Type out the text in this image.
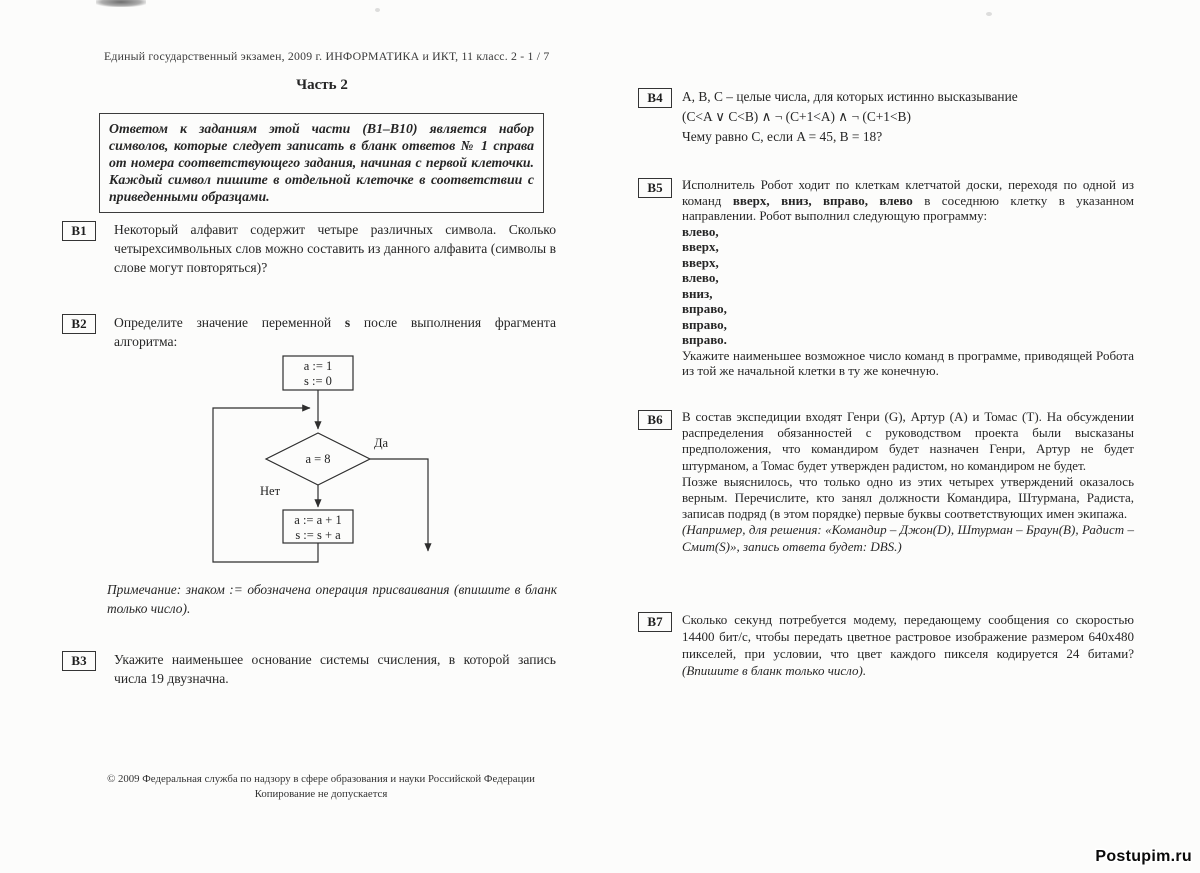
Единый государственный экзамен, 2009 г. ИНФОРМАТИКА и ИКТ, 11 класс. 2 - 1 / 7
Часть 2

Ответом к заданиям этой части (В1–В10) является набор символов, которые следует записать в бланк ответов № 1 справа от номера соответствующего задания, начиная с первой клеточки. Каждый символ пишите в отдельной клеточке в соответствии с приведенными образцами.

В1	Некоторый алфавит содержит четыре различных символа. Сколько четырехсимвольных слов можно составить из данного алфавита (символы в слове могут повторяться)?

В2	Определите значение переменной s после выполнения фрагмента алгоритма:

a := 1
s := 0
a = 8
Да
Нет
a := a + 1
s := s + a

Примечание: знаком := обозначена операция присваивания (впишите в бланк только число).

В3	Укажите наименьшее основание системы счисления, в которой запись числа 19 двузначна.

© 2009 Федеральная служба по надзору в сфере образования и науки Российской Федерации
Копирование не допускается
В4	А, В, С – целые числа, для которых истинно высказывание

(C<A ∨ C<B) ∧ ¬ (C+1<A) ∧ ¬ (C+1<B)

Чему равно C, если A = 45, B = 18?

В5	Исполнитель Робот ходит по клеткам клетчатой доски, переходя по одной из команд вверх, вниз, вправо, влево в соседнюю клетку в указанном направлении. Робот выполнил следующую программу:

влево,
вверх,
вверх,
влево,
вниз,
вправо,
вправо,
вправо.

Укажите наименьшее возможное число команд в программе, приводящей Робота из той же начальной клетки в ту же конечную.

В6	В состав экспедиции входят Генри (G), Артур (А) и Томас (Т). На обсуждении распределения обязанностей с руководством проекта были высказаны предположения, что командиром будет назначен Генри, Артур не будет штурманом, а Томас будет утвержден радистом, но командиром не будет.

Позже выяснилось, что только одно из этих четырех утверждений оказалось верным. Перечислите, кто занял должности Командира, Штурмана, Радиста, записав подряд (в этом порядке) первые буквы соответствующих имен экипажа.

(Например, для решения: «Командир – Джон(D), Штурман – Браун(B), Радист – Смит(S)», запись ответа будет: DBS.)

В7	Сколько секунд потребуется модему, передающему сообщения со скоростью 14400 бит/с, чтобы передать цветное растровое изображение размером 640х480 пикселей, при условии, что цвет каждого пикселя кодируется 24 битами? (Впишите в бланк только число).

Postupim.ru
